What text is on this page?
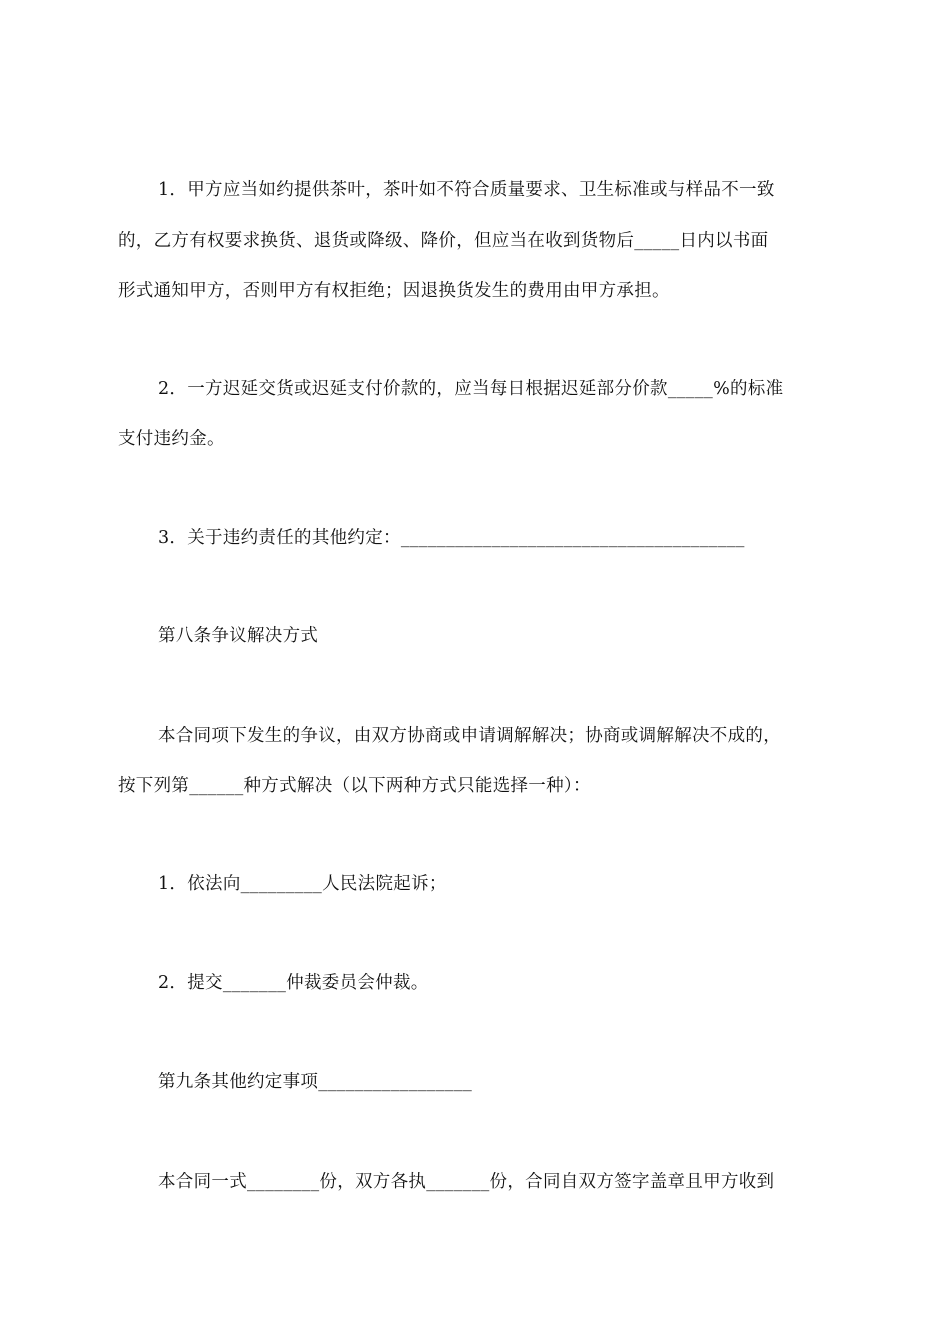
1．甲方应当如约提供茶叶，茶叶如不符合质量要求、卫生标准或与样品不一致
的，乙方有权要求换货、退货或降级、降价，但应当在收到货物后_____日内以书面
形式通知甲方，否则甲方有权拒绝；因退换货发生的费用由甲方承担。
2．一方迟延交货或迟延支付价款的，应当每日根据迟延部分价款_____%的标准
支付违约金。
3．关于违约责任的其他约定：______________________________________
第八条争议解决方式
本合同项下发生的争议，由双方协商或申请调解解决；协商或调解解决不成的，
按下列第______种方式解决（以下两种方式只能选择一种）：
1．依法向_________人民法院起诉；
2．提交_______仲裁委员会仲裁。
第九条其他约定事项_________________
本合同一式________份，双方各执_______份，合同自双方签字盖章且甲方收到
